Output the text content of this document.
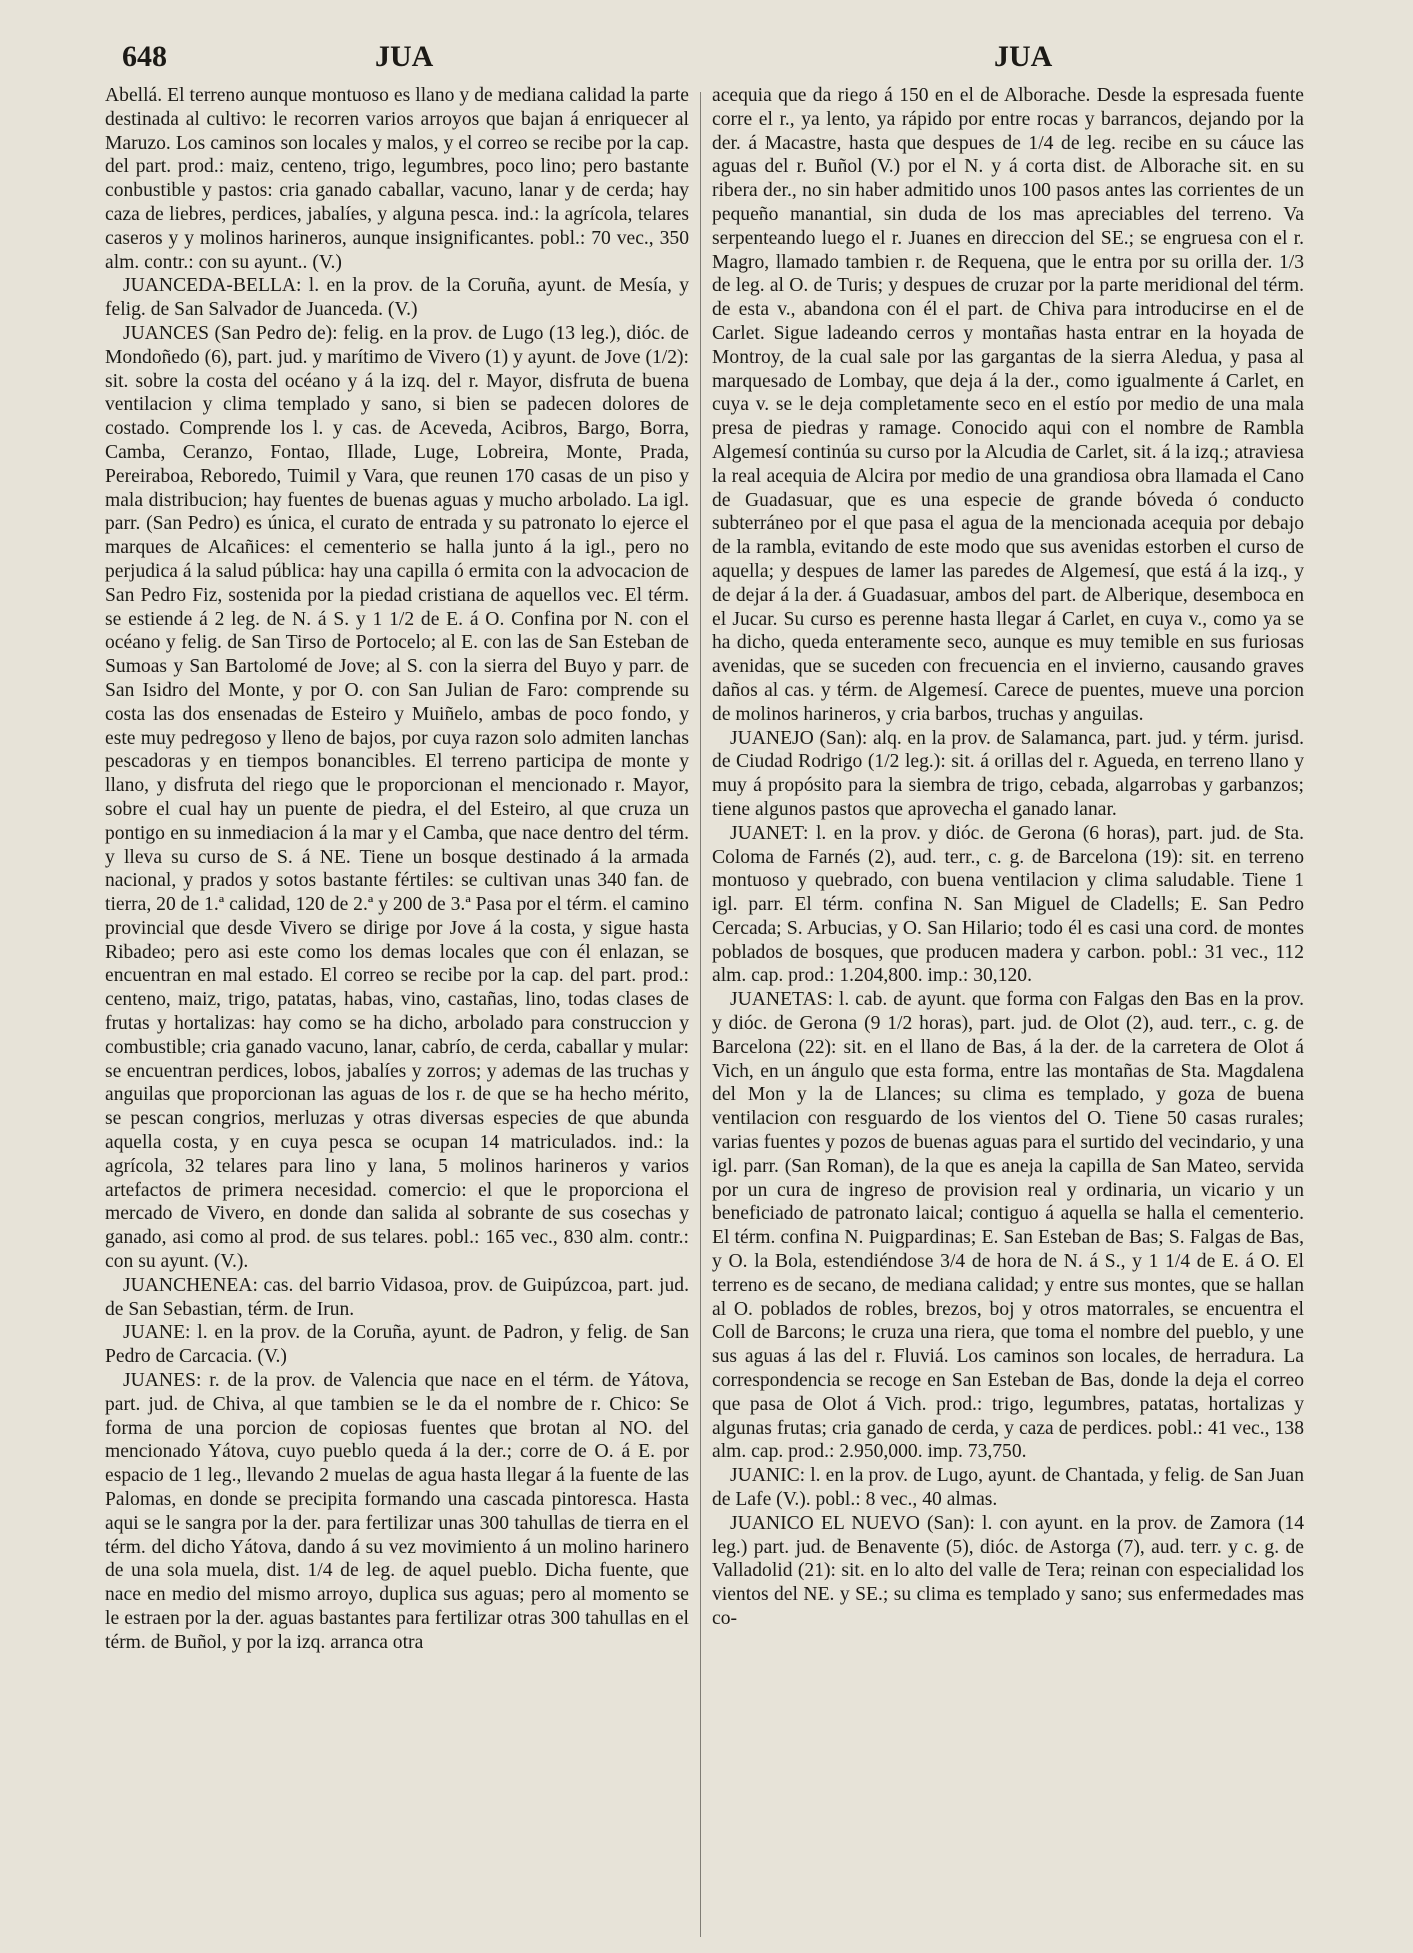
648	JUA	JUA

Abellá. El terreno aunque montuoso es llano y de mediana calidad la parte destinada al cultivo: le recorren varios arroyos que bajan á enriquecer al Maruzo. Los caminos son locales y malos, y el correo se recibe por la cap. del part. prod.: maiz, centeno, trigo, legumbres, poco lino; pero bastante conbustible y pastos: cria ganado caballar, vacuno, lanar y de cerda; hay caza de liebres, perdices, jabalíes, y alguna pesca. ind.: la agrícola, telares caseros y y molinos harineros, aunque insignificantes. pobl.: 70 vec., 350 alm. contr.: con su ayunt.. (V.)

JUANCEDA-BELLA: l. en la prov. de la Coruña, ayunt. de Mesía, y felig. de San Salvador de Juanceda. (V.)

JUANCES (San Pedro de): felig. en la prov. de Lugo (13 leg.), dióc. de Mondoñedo (6), part. jud. y marítimo de Vivero (1) y ayunt. de Jove (1/2): sit. sobre la costa del océano y á la izq. del r. Mayor, disfruta de buena ventilacion y clima templado y sano, si bien se padecen dolores de costado. Comprende los l. y cas. de Aceveda, Acibros, Bargo, Borra, Camba, Ceranzo, Fontao, Illade, Luge, Lobreira, Monte, Prada, Pereiraboa, Reboredo, Tuimil y Vara, que reunen 170 casas de un piso y mala distribucion; hay fuentes de buenas aguas y mucho arbolado. La igl. parr. (San Pedro) es única, el curato de entrada y su patronato lo ejerce el marques de Alcañices: el cementerio se halla junto á la igl., pero no perjudica á la salud pública: hay una capilla ó ermita con la advocacion de San Pedro Fiz, sostenida por la piedad cristiana de aquellos vec. El térm. se estiende á 2 leg. de N. á S. y 1 1/2 de E. á O. Confina por N. con el océano y felig. de San Tirso de Portocelo; al E. con las de San Esteban de Sumoas y San Bartolomé de Jove; al S. con la sierra del Buyo y parr. de San Isidro del Monte, y por O. con San Julian de Faro: comprende su costa las dos ensenadas de Esteiro y Muiñelo, ambas de poco fondo, y este muy pedregoso y lleno de bajos, por cuya razon solo admiten lanchas pescadoras y en tiempos bonancibles. El terreno participa de monte y llano, y disfruta del riego que le proporcionan el mencionado r. Mayor, sobre el cual hay un puente de piedra, el del Esteiro, al que cruza un pontigo en su inmediacion á la mar y el Camba, que nace dentro del térm. y lleva su curso de S. á NE. Tiene un bosque destinado á la armada nacional, y prados y sotos bastante fértiles: se cultivan unas 340 fan. de tierra, 20 de 1.ª calidad, 120 de 2.ª y 200 de 3.ª Pasa por el térm. el camino provincial que desde Vivero se dirige por Jove á la costa, y sigue hasta Ribadeo; pero asi este como los demas locales que con él enlazan, se encuentran en mal estado. El correo se recibe por la cap. del part. prod.: centeno, maiz, trigo, patatas, habas, vino, castañas, lino, todas clases de frutas y hortalizas: hay como se ha dicho, arbolado para construccion y combustible; cria ganado vacuno, lanar, cabrío, de cerda, caballar y mular: se encuentran perdices, lobos, jabalíes y zorros; y ademas de las truchas y anguilas que proporcionan las aguas de los r. de que se ha hecho mérito, se pescan congrios, merluzas y otras diversas especies de que abunda aquella costa, y en cuya pesca se ocupan 14 matriculados. ind.: la agrícola, 32 telares para lino y lana, 5 molinos harineros y varios artefactos de primera necesidad. comercio: el que le proporciona el mercado de Vivero, en donde dan salida al sobrante de sus cosechas y ganado, asi como al prod. de sus telares. pobl.: 165 vec., 830 alm. contr.: con su ayunt. (V.).

JUANCHENEA: cas. del barrio Vidasoa, prov. de Guipúzcoa, part. jud. de San Sebastian, térm. de Irun.

JUANE: l. en la prov. de la Coruña, ayunt. de Padron, y felig. de San Pedro de Carcacia. (V.)

JUANES: r. de la prov. de Valencia que nace en el térm. de Yátova, part. jud. de Chiva, al que tambien se le da el nombre de r. Chico: Se forma de una porcion de copiosas fuentes que brotan al NO. del mencionado Yátova, cuyo pueblo queda á la der.; corre de O. á E. por espacio de 1 leg., llevando 2 muelas de agua hasta llegar á la fuente de las Palomas, en donde se precipita formando una cascada pintoresca. Hasta aqui se le sangra por la der. para fertilizar unas 300 tahullas de tierra en el térm. del dicho Yátova, dando á su vez movimiento á un molino harinero de una sola muela, dist. 1/4 de leg. de aquel pueblo. Dicha fuente, que nace en medio del mismo arroyo, duplica sus aguas; pero al momento se le estraen por la der. aguas bastantes para fertilizar otras 300 tahullas en el térm. de Buñol, y por la izq. arranca otra

acequia que da riego á 150 en el de Alborache. Desde la espresada fuente corre el r., ya lento, ya rápido por entre rocas y barrancos, dejando por la der. á Macastre, hasta que despues de 1/4 de leg. recibe en su cáuce las aguas del r. Buñol (V.) por el N. y á corta dist. de Alborache sit. en su ribera der., no sin haber admitido unos 100 pasos antes las corrientes de un pequeño manantial, sin duda de los mas apreciables del terreno. Va serpenteando luego el r. Juanes en direccion del SE.; se engruesa con el r. Magro, llamado tambien r. de Requena, que le entra por su orilla der. 1/3 de leg. al O. de Turis; y despues de cruzar por la parte meridional del térm. de esta v., abandona con él el part. de Chiva para introducirse en el de Carlet. Sigue ladeando cerros y montañas hasta entrar en la hoyada de Montroy, de la cual sale por las gargantas de la sierra Aledua, y pasa al marquesado de Lombay, que deja á la der., como igualmente á Carlet, en cuya v. se le deja completamente seco en el estío por medio de una mala presa de piedras y ramage. Conocido aqui con el nombre de Rambla Algemesí continúa su curso por la Alcudia de Carlet, sit. á la izq.; atraviesa la real acequia de Alcira por medio de una grandiosa obra llamada el Cano de Guadasuar, que es una especie de grande bóveda ó conducto subterráneo por el que pasa el agua de la mencionada acequia por debajo de la rambla, evitando de este modo que sus avenidas estorben el curso de aquella; y despues de lamer las paredes de Algemesí, que está á la izq., y de dejar á la der. á Guadasuar, ambos del part. de Alberique, desemboca en el Jucar. Su curso es perenne hasta llegar á Carlet, en cuya v., como ya se ha dicho, queda enteramente seco, aunque es muy temible en sus furiosas avenidas, que se suceden con frecuencia en el invierno, causando graves daños al cas. y térm. de Algemesí. Carece de puentes, mueve una porcion de molinos harineros, y cria barbos, truchas y anguilas.

JUANEJO (San): alq. en la prov. de Salamanca, part. jud. y térm. jurisd. de Ciudad Rodrigo (1/2 leg.): sit. á orillas del r. Agueda, en terreno llano y muy á propósito para la siembra de trigo, cebada, algarrobas y garbanzos; tiene algunos pastos que aprovecha el ganado lanar.

JUANET: l. en la prov. y dióc. de Gerona (6 horas), part. jud. de Sta. Coloma de Farnés (2), aud. terr., c. g. de Barcelona (19): sit. en terreno montuoso y quebrado, con buena ventilacion y clima saludable. Tiene 1 igl. parr. El térm. confina N. San Miguel de Cladells; E. San Pedro Cercada; S. Arbucias, y O. San Hilario; todo él es casi una cord. de montes poblados de bosques, que producen madera y carbon. pobl.: 31 vec., 112 alm. cap. prod.: 1.204,800. imp.: 30,120.

JUANETAS: l. cab. de ayunt. que forma con Falgas den Bas en la prov. y dióc. de Gerona (9 1/2 horas), part. jud. de Olot (2), aud. terr., c. g. de Barcelona (22): sit. en el llano de Bas, á la der. de la carretera de Olot á Vich, en un ángulo que esta forma, entre las montañas de Sta. Magdalena del Mon y la de Llances; su clima es templado, y goza de buena ventilacion con resguardo de los vientos del O. Tiene 50 casas rurales; varias fuentes y pozos de buenas aguas para el surtido del vecindario, y una igl. parr. (San Roman), de la que es aneja la capilla de San Mateo, servida por un cura de ingreso de provision real y ordinaria, un vicario y un beneficiado de patronato laical; contiguo á aquella se halla el cementerio. El térm. confina N. Puigpardinas; E. San Esteban de Bas; S. Falgas de Bas, y O. la Bola, estendiéndose 3/4 de hora de N. á S., y 1 1/4 de E. á O. El terreno es de secano, de mediana calidad; y entre sus montes, que se hallan al O. poblados de robles, brezos, boj y otros matorrales, se encuentra el Coll de Barcons; le cruza una riera, que toma el nombre del pueblo, y une sus aguas á las del r. Fluviá. Los caminos son locales, de herradura. La correspondencia se recoge en San Esteban de Bas, donde la deja el correo que pasa de Olot á Vich. prod.: trigo, legumbres, patatas, hortalizas y algunas frutas; cria ganado de cerda, y caza de perdices. pobl.: 41 vec., 138 alm. cap. prod.: 2.950,000. imp. 73,750.

JUANIC: l. en la prov. de Lugo, ayunt. de Chantada, y felig. de San Juan de Lafe (V.). pobl.: 8 vec., 40 almas.

JUANICO EL NUEVO (San): l. con ayunt. en la prov. de Zamora (14 leg.) part. jud. de Benavente (5), dióc. de Astorga (7), aud. terr. y c. g. de Valladolid (21): sit. en lo alto del valle de Tera; reinan con especialidad los vientos del NE. y SE.; su clima es templado y sano; sus enfermedades mas co-
